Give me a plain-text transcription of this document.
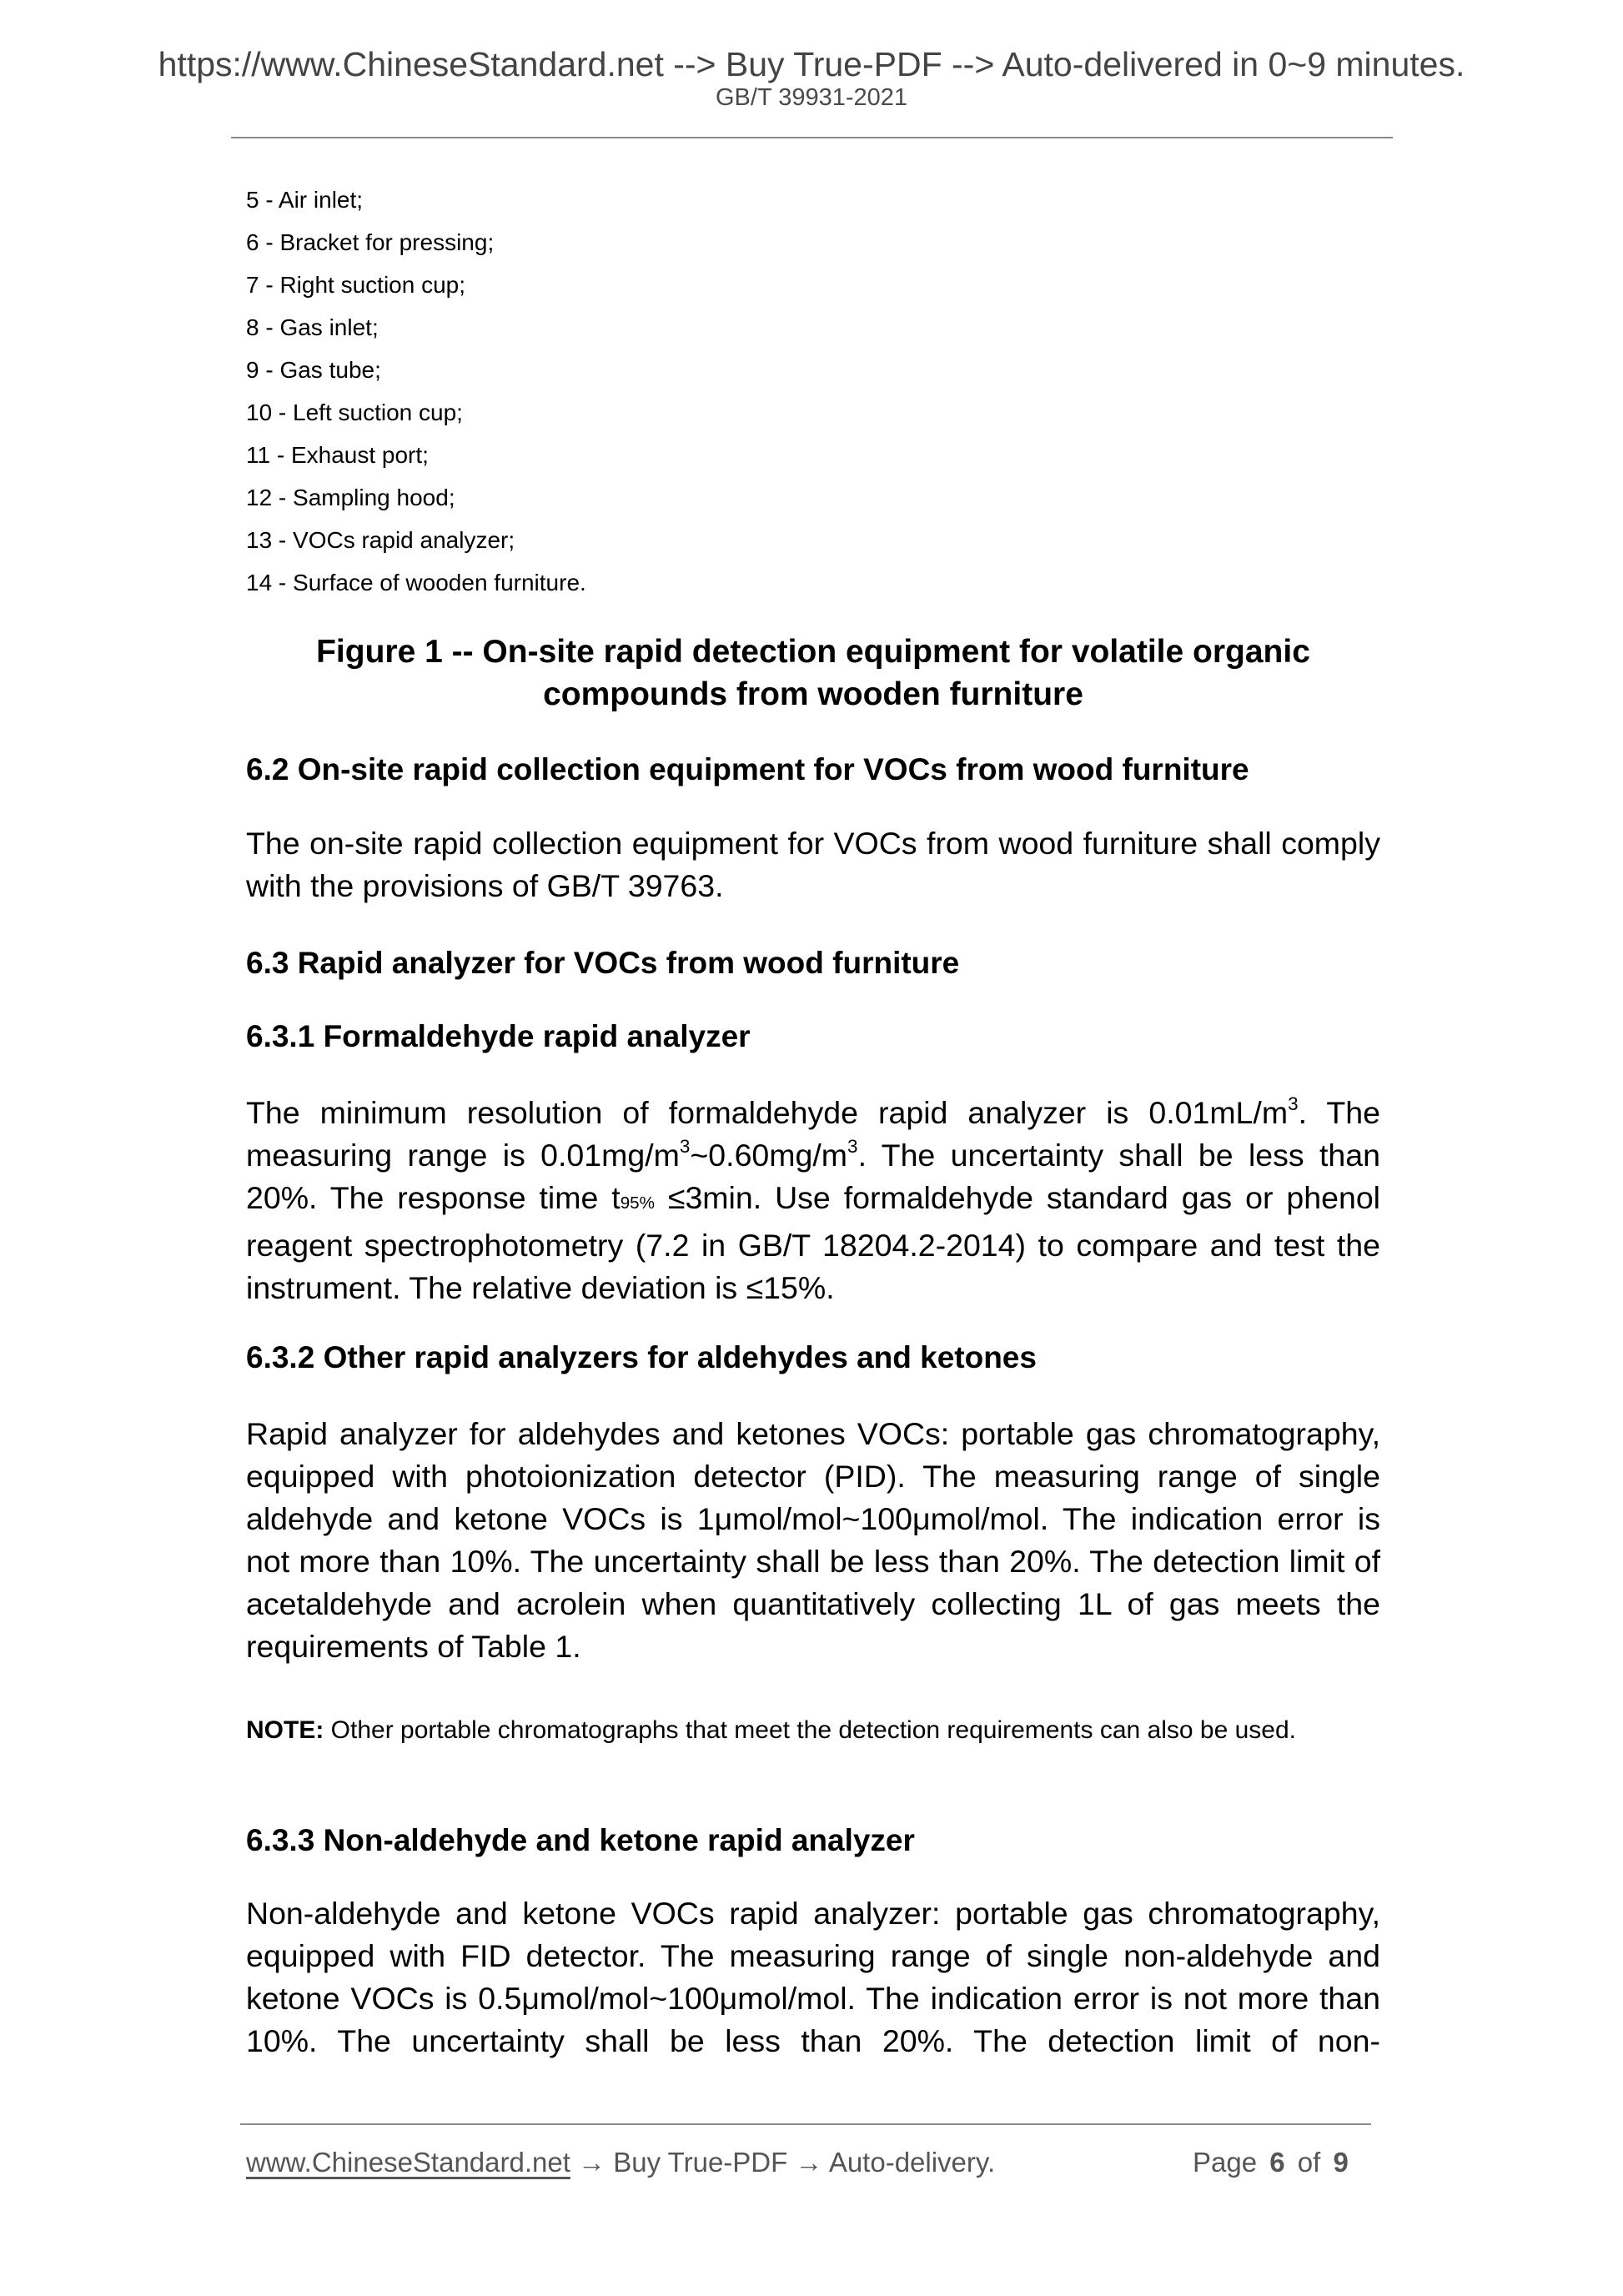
https://www.ChineseStandard.net --> Buy True-PDF --> Auto-delivered in 0~9 minutes.
GB/T 39931-2021
5 - Air inlet;
6 - Bracket for pressing;
7 - Right suction cup;
8 - Gas inlet;
9 - Gas tube;
10 - Left suction cup;
11 - Exhaust port;
12 - Sampling hood;
13 - VOCs rapid analyzer;
14 - Surface of wooden furniture.
Figure 1 -- On-site rapid detection equipment for volatile organic compounds from wooden furniture
6.2 On-site rapid collection equipment for VOCs from wood furniture
The on-site rapid collection equipment for VOCs from wood furniture shall comply with the provisions of GB/T 39763.
6.3 Rapid analyzer for VOCs from wood furniture
6.3.1 Formaldehyde rapid analyzer
The minimum resolution of formaldehyde rapid analyzer is $0.01mL/m^3$. The measuring range is $0.01mg/m^3\sim 0.60mg/m^3$. The uncertainty shall be less than 20%. The response time t95% ≤3min. Use formaldehyde standard gas or phenol reagent spectrophotometry (7.2 in GB/T 18204.2-2014) to compare and test the instrument. The relative deviation is ≤15%.
6.3.2 Other rapid analyzers for aldehydes and ketones
Rapid analyzer for aldehydes and ketones VOCs: portable gas chromatography, equipped with photoionization detector (PID). The measuring range of single aldehyde and ketone VOCs is 1μmol/mol~100μmol/mol. The indication error is not more than 10%. The uncertainty shall be less than 20%. The detection limit of acetaldehyde and acrolein when quantitatively collecting 1L of gas meets the requirements of Table 1.
NOTE: Other portable chromatographs that meet the detection requirements can also be used.
6.3.3 Non-aldehyde and ketone rapid analyzer
Non-aldehyde and ketone VOCs rapid analyzer: portable gas chromatography, equipped with FID detector. The measuring range of single non-aldehyde and ketone VOCs is 0.5μmol/mol~100μmol/mol. The indication error is not more than 10%. The uncertainty shall be less than 20%. The detection limit of non-
www.ChineseStandard.net → Buy True-PDF → Auto-delivery.	Page 6 of 9
